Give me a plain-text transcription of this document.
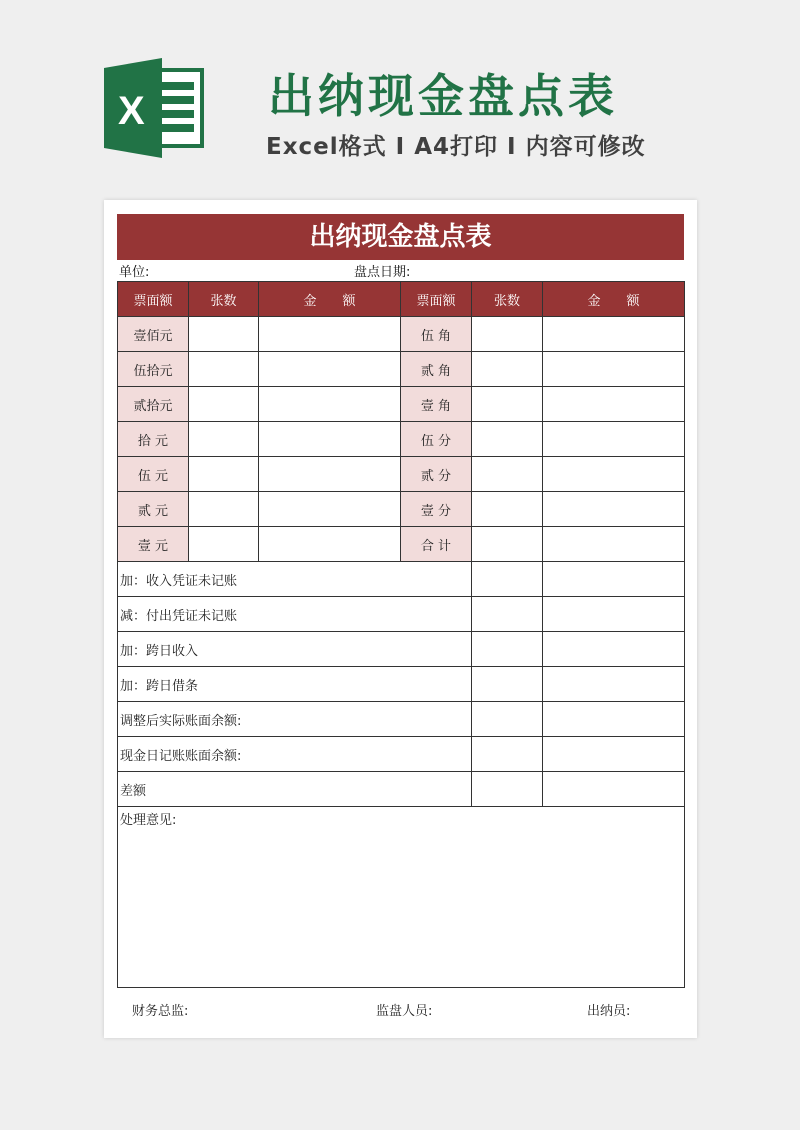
X	出纳现金盘点表
Excel格式 I A4打印 I 内容可修改
出纳现金盘点表
单位:	盘点日期:
票面额	张数	金　　额	票面额	张数	金　　额
壹佰元			伍 角		
伍拾元			贰 角		
贰拾元			壹 角		
拾 元			伍 分		
伍 元			贰 分		
贰 元			壹 分		
壹 元			合 计		
加：收入凭证未记账					
减：付出凭证未记账					
加：跨日收入					
加：跨日借条					
调整后实际账面余额:					
现金日记账账面余额:					
差额					
处理意见:					
财务总监:	监盘人员:	出纳员:
